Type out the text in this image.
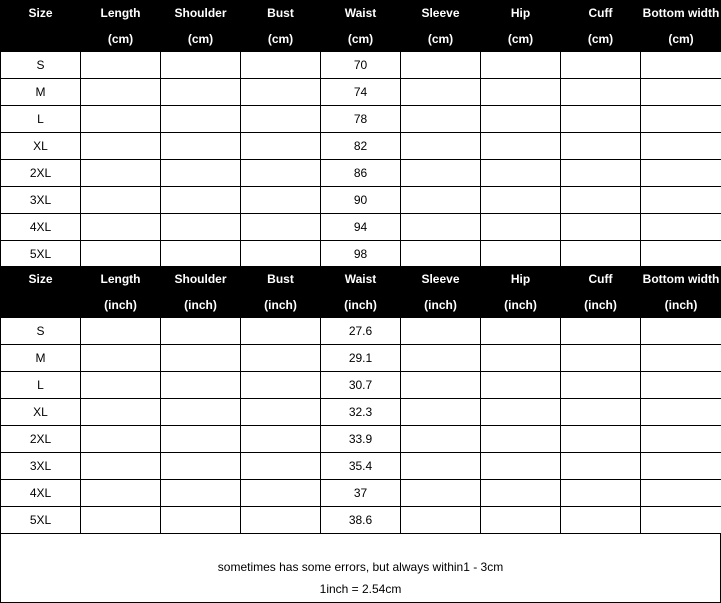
Size	Length	Shoulder	Bust	Waist	Sleeve	Hip	Cuff	Bottom width
	(cm)	(cm)	(cm)	(cm)	(cm)	(cm)	(cm)	(cm)
S				70				
M				74				
L				78				
XL				82				
2XL				86				
3XL				90				
4XL				94				
5XL				98				
Size	Length	Shoulder	Bust	Waist	Sleeve	Hip	Cuff	Bottom width
	(inch)	(inch)	(inch)	(inch)	(inch)	(inch)	(inch)	(inch)
S				27.6				
M				29.1				
L				30.7				
XL				32.3				
2XL				33.9				
3XL				35.4				
4XL				37				
5XL				38.6				

sometimes has some errors, but always within1 - 3cm

1inch = 2.54cm
